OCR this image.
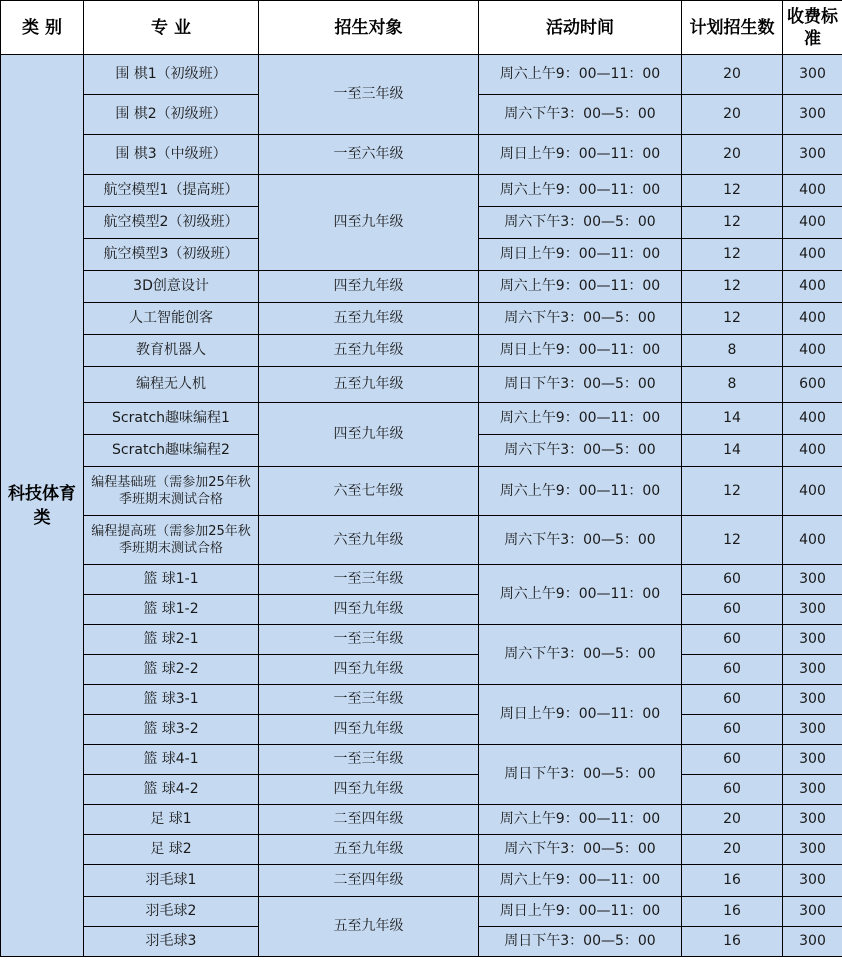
类 别	专 业	招生对象	活动时间	计划招生数	收费标准
科技体育类	围 棋1（初级班）	一至三年级	周六上午9：00—11：00	20	300
	围 棋2（初级班）		周六下午3：00—5：00	20	300
	围 棋3（中级班）	一至六年级	周日上午9：00—11：00	20	300
	航空模型1（提高班）	四至九年级	周六上午9：00—11：00	12	400
	航空模型2（初级班）		周六下午3：00—5：00	12	400
	航空模型3（初级班）		周日上午9：00—11：00	12	400
	3D创意设计	四至九年级	周六上午9：00—11：00	12	400
	人工智能创客	五至九年级	周六下午3：00—5：00	12	400
	教育机器人	五至九年级	周日上午9：00—11：00	8	400
	编程无人机	五至九年级	周日下午3：00—5：00	8	600
	Scratch趣味编程1	四至九年级	周六上午9：00—11：00	14	400
	Scratch趣味编程2		周六下午3：00—5：00	14	400
	编程基础班（需参加25年秋季班期末测试合格	六至七年级	周六上午9：00—11：00	12	400
	编程提高班（需参加25年秋季班期末测试合格	六至九年级	周六下午3：00—5：00	12	400
	篮 球1-1	一至三年级	周六上午9：00—11：00	60	300
	篮 球1-2	四至九年级		60	300
	篮 球2-1	一至三年级	周六下午3：00—5：00	60	300
	篮 球2-2	四至九年级		60	300
	篮 球3-1	一至三年级	周日上午9：00—11：00	60	300
	篮 球3-2	四至九年级		60	300
	篮 球4-1	一至三年级	周日下午3：00—5：00	60	300
	篮 球4-2	四至九年级		60	300
	足 球1	二至四年级	周六上午9：00—11：00	20	300
	足 球2	五至九年级	周六下午3：00—5：00	20	300
	羽毛球1	二至四年级	周六上午9：00—11：00	16	300
	羽毛球2	五至九年级	周日上午9：00—11：00	16	300
	羽毛球3		周日下午3：00—5：00	16	300
